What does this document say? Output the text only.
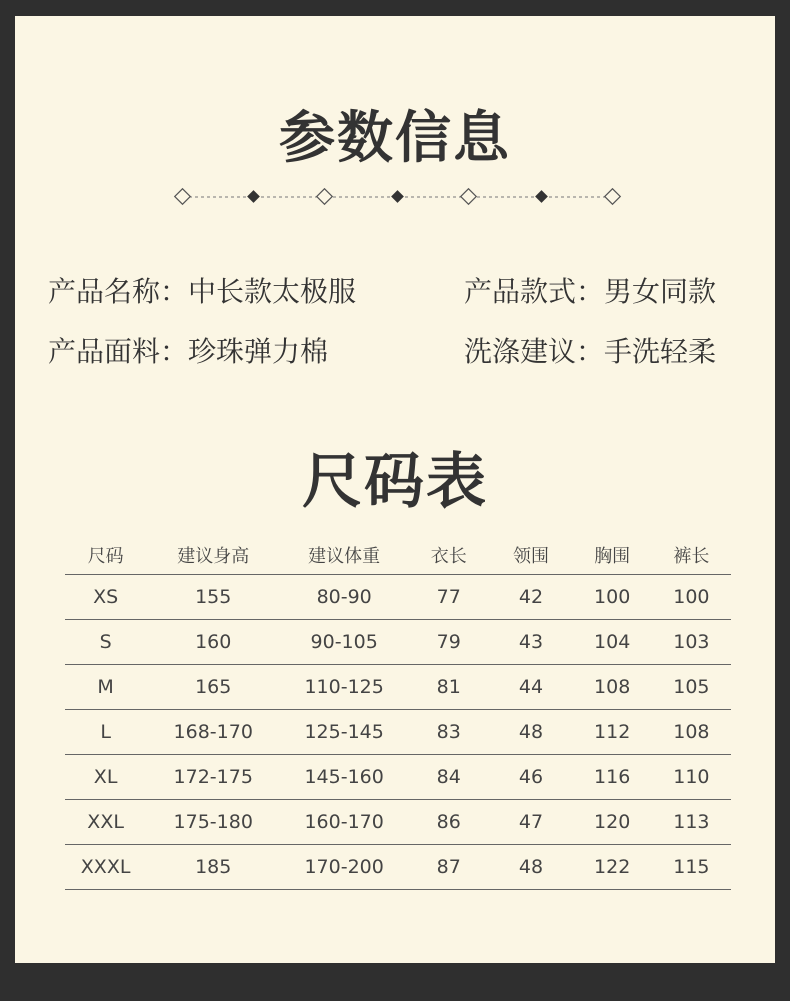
参数信息
产品名称：中长款太极服	产品款式：男女同款
产品面料：珍珠弹力棉	洗涤建议：手洗轻柔
尺码表
尺码	建议身高	建议体重	衣长	领围	胸围	裤长
XS	155	80-90	77	42	100	100
S	160	90-105	79	43	104	103
M	165	110-125	81	44	108	105
L	168-170	125-145	83	48	112	108
XL	172-175	145-160	84	46	116	110
XXL	175-180	160-170	86	47	120	113
XXXL	185	170-200	87	48	122	115
